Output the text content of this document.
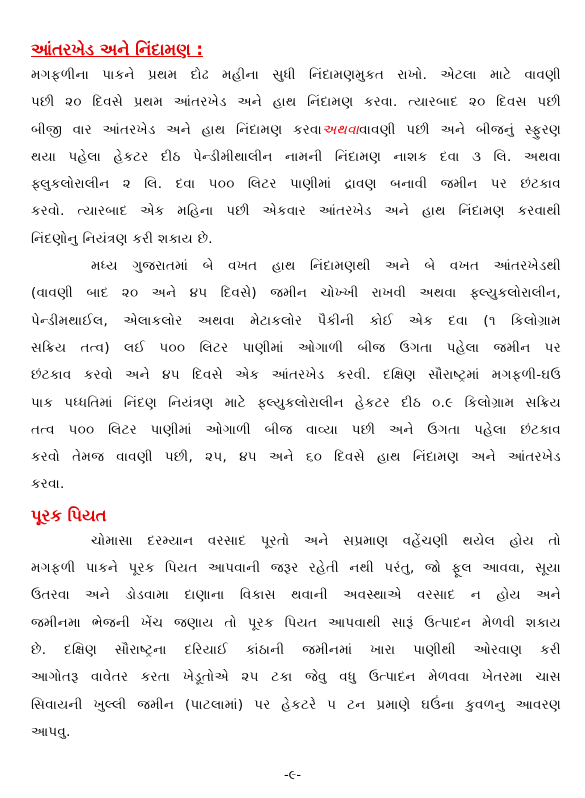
આંતરખેડ અને નિંદામણ :
મગફળીના પાકને પ્રથમ દોઢ મહીના સુધી નિંદામણમુકત રાખો. એટલા માટે વાવણી
પછી ૨૦ દિવસે પ્રથમ આંતરખેડ અને હાથ નિંદામણ કરવા. ત્યારબાદ ૨૦ દિવસ પછી
બીજી વાર આંતરખેડ અને હાથ નિંદામણ કરવાઅથવાવાવણી પછી અને બીજનું સ્ફુરણ
થયા પહેલા હેકટર દીઠ પેન્ડીમીથાલીન નામની નિંદામણ નાશક દવા ૩ લિ. અથવા
ફ્લુકલોરાલીન ૨ લિ. દવા ૫૦૦ લિટર પાણીમાં દ્રાવણ બનાવી જમીન પર છંટકાવ
કરવો. ત્યારબાદ એક મહિના પછી એકવાર આંતરખેડ અને હાથ નિંદામણ કરવાથી
નિંદણોનુ નિયંત્રણ કરી શકાય છે.
મધ્ય ગુજરાતમાં બે વખત હાથ નિંદામણથી અને બે વખત આંતરખેડથી
(વાવણી બાદ ૨૦ અને ૪૫ દિવસે) જમીન ચોખ્ખી રાખવી અથવા ફ્લ્યુકલોરાલીન,
પેન્ડીમથાઈલ, એલાકલોર અથવા મેટાકલોર પૈકીની કોઈ એક દવા (૧ કિલોગ્રામ
સક્રિય તત્વ) લઈ ૫૦૦ લિટર પાણીમાં ઓગાળી બીજ ઉગતા પહેલા જમીન પર
છંટકાવ કરવો અને ૪૫ દિવસે એક આંતરખેડ કરવી. દક્ષિણ સૌરાષ્ટ્રમાં મગફળી-ઘઉ
પાક પધ્ધતિમાં નિંદણ નિયંત્રણ માટે ફ્લ્યુકલોરાલીન હેકટર દીઠ ૦.૯ કિલોગ્રામ સક્રિય
તત્વ ૫૦૦ લિટર પાણીમાં ઓગાળી બીજ વાવ્યા પછી અને ઉગતા પહેલા છંટકાવ
કરવો તેમજ વાવણી પછી, ૨૫, ૪૫ અને ૬૦ દિવસે હાથ નિંદામણ અને આંતરખેડ
કરવા.
પૂરક પિયત
ચોમાસા દરમ્યાન વરસાદ પૂરતો અને સપ્રમાણ વહેંચણી થયેલ હોય તો
મગફળી પાકને પૂરક પિયત આપવાની જરૂર રહેતી નથી પરંતુ, જો ફૂલ આવવા, સૂયા
ઉતરવા અને ડોડવામા દાણાના વિકાસ થવાની અવસ્થાએ વરસાદ ન હોય અને
જમીનમા ભેજની ખેંચ જણાય તો પૂરક પિયત આપવાથી સારૂં ઉત્પાદન મેળવી શકાય
છે. દક્ષિણ સૌરાષ્ટ્રના દરિયાઈ કાંઠાની જમીનમાં ખારા પાણીથી ઓરવાણ કરી
આગોતરૂ વાવેતર કરતા ખેડૂતોએ ૨૫ ટકા જેવુ વધુ ઉત્પાદન મેળવવા ખેતરમા ચાસ
સિવાયની ખુલ્લી જમીન (પાટલામાં) પર હેકટરે ૫ ટન પ્રમાણે ઘઉંના કુવળનુ આવરણ
આપવુ.
-૯-
